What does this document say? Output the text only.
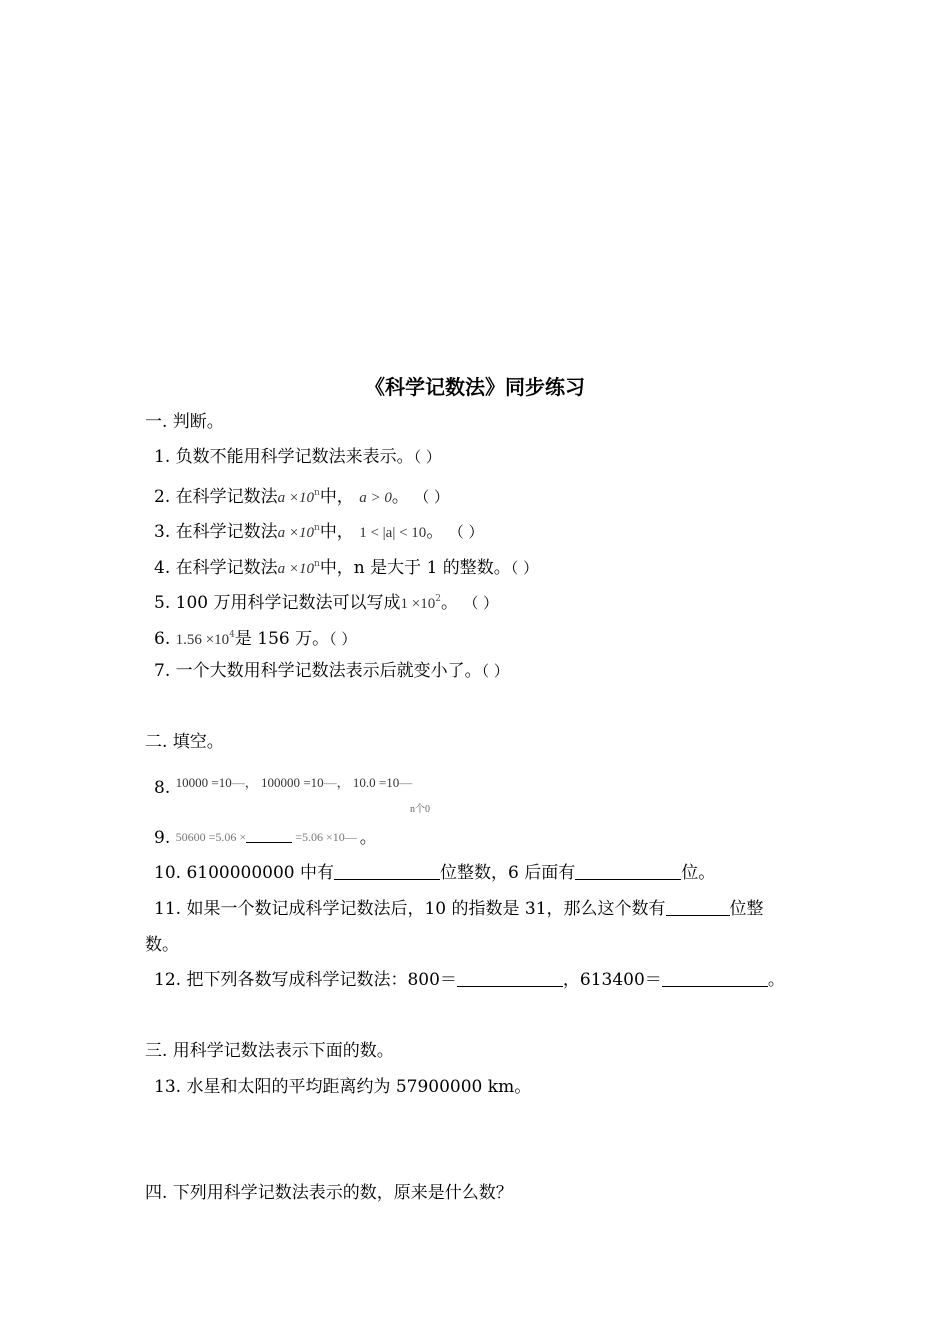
《科学记数法》同步练习
一. 判断。
1. 负数不能用科学记数法来表示。（ ）
2. 在科学记数法$a \times 10^n$中， a > 0。 （ ）
3. 在科学记数法$a \times 10^n$中， 1 < |a| < 10。 （ ）
4. 在科学记数法$a \times 10^n$中，n 是大于 1 的整数。（ ）
5. 100 万用科学记数法可以写成$1 \times 10^2$。 （ ）
6. $1.56 \times 10^4$是 156 万。（ ）
7. 一个大数用科学记数法表示后就变小了。（ ）
二. 填空。
8. $^{10000 =10—, 100000 =10—, 10.0 =10—}$
n个0
9. 50600 =5.06 ×	=5.06 ×10— 。
10. 6100000000 中有	位整数，6 后面有	位。
11. 如果一个数记成科学记数法后，10 的指数是 31，那么这个数有	位整
数。
12. 把下列各数写成科学记数法：800＝	，613400＝	。
三. 用科学记数法表示下面的数。
13. 水星和太阳的平均距离约为 57900000 km。
四. 下列用科学记数法表示的数，原来是什么数？
